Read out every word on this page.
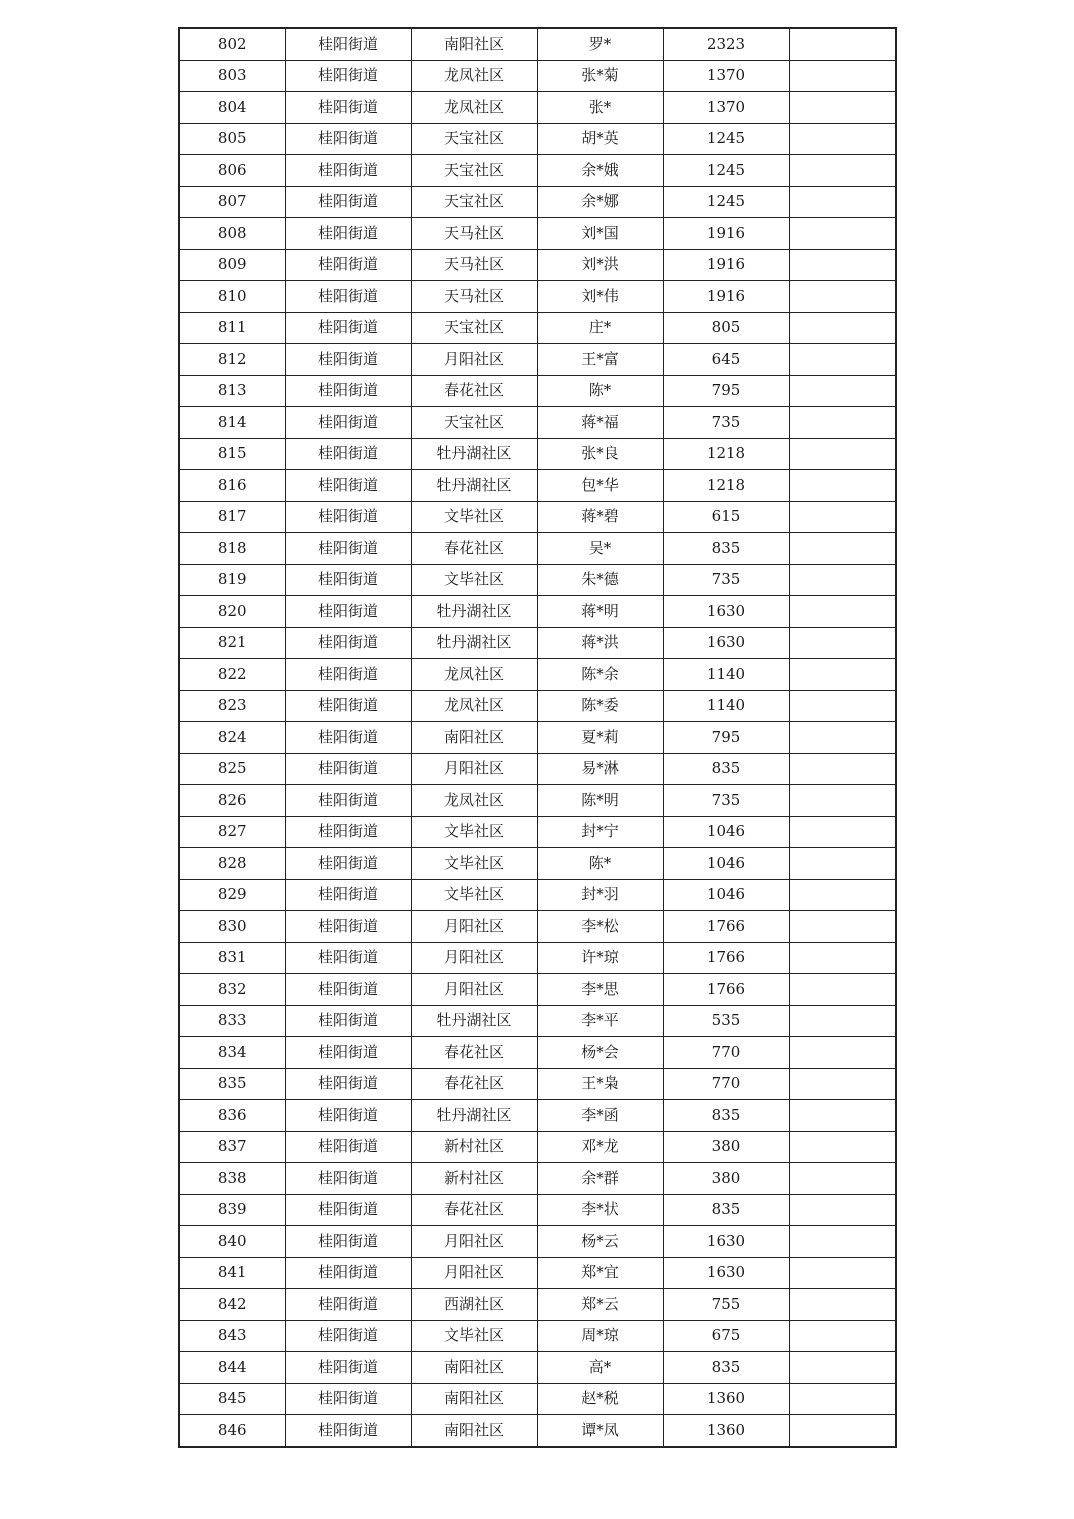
802	桂阳街道	南阳社区	罗*	2323	
803	桂阳街道	龙凤社区	张*菊	1370	
804	桂阳街道	龙凤社区	张*	1370	
805	桂阳街道	天宝社区	胡*英	1245	
806	桂阳街道	天宝社区	余*娥	1245	
807	桂阳街道	天宝社区	余*娜	1245	
808	桂阳街道	天马社区	刘*国	1916	
809	桂阳街道	天马社区	刘*洪	1916	
810	桂阳街道	天马社区	刘*伟	1916	
811	桂阳街道	天宝社区	庄*	805	
812	桂阳街道	月阳社区	王*富	645	
813	桂阳街道	春花社区	陈*	795	
814	桂阳街道	天宝社区	蒋*福	735	
815	桂阳街道	牡丹湖社区	张*良	1218	
816	桂阳街道	牡丹湖社区	包*华	1218	
817	桂阳街道	文毕社区	蒋*碧	615	
818	桂阳街道	春花社区	吴*	835	
819	桂阳街道	文毕社区	朱*德	735	
820	桂阳街道	牡丹湖社区	蒋*明	1630	
821	桂阳街道	牡丹湖社区	蒋*洪	1630	
822	桂阳街道	龙凤社区	陈*余	1140	
823	桂阳街道	龙凤社区	陈*委	1140	
824	桂阳街道	南阳社区	夏*莉	795	
825	桂阳街道	月阳社区	易*淋	835	
826	桂阳街道	龙凤社区	陈*明	735	
827	桂阳街道	文毕社区	封*宁	1046	
828	桂阳街道	文毕社区	陈*	1046	
829	桂阳街道	文毕社区	封*羽	1046	
830	桂阳街道	月阳社区	李*松	1766	
831	桂阳街道	月阳社区	许*琼	1766	
832	桂阳街道	月阳社区	李*思	1766	
833	桂阳街道	牡丹湖社区	李*平	535	
834	桂阳街道	春花社区	杨*会	770	
835	桂阳街道	春花社区	王*枭	770	
836	桂阳街道	牡丹湖社区	李*函	835	
837	桂阳街道	新村社区	邓*龙	380	
838	桂阳街道	新村社区	余*群	380	
839	桂阳街道	春花社区	李*状	835	
840	桂阳街道	月阳社区	杨*云	1630	
841	桂阳街道	月阳社区	郑*宜	1630	
842	桂阳街道	西湖社区	郑*云	755	
843	桂阳街道	文毕社区	周*琼	675	
844	桂阳街道	南阳社区	高*	835	
845	桂阳街道	南阳社区	赵*税	1360	
846	桂阳街道	南阳社区	谭*凤	1360	
